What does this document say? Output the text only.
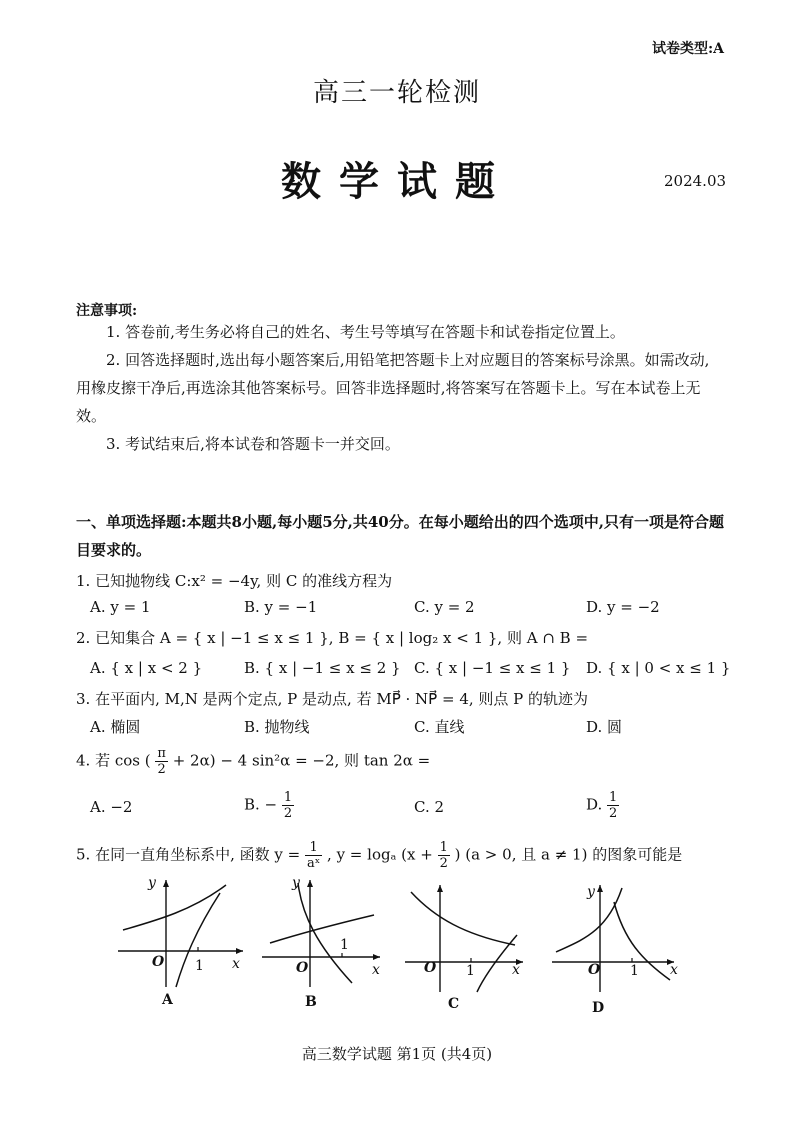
试卷类型:A
高三一轮检测
数学试题	2024.03
注意事项:
1. 答卷前,考生务必将自己的姓名、考生号等填写在答题卡和试卷指定位置上。
2. 回答选择题时,选出每小题答案后,用铅笔把答题卡上对应题目的答案标号涂黑。如需改动,用橡皮擦干净后,再选涂其他答案标号。回答非选择题时,将答案写在答题卡上。写在本试卷上无效。
3. 考试结束后,将本试卷和答题卡一并交回。
一、单项选择题:本题共8小题,每小题5分,共40分。在每小题给出的四个选项中,只有一项是符合题目要求的。
1. 已知抛物线 C:x² = −4y, 则 C 的准线方程为
A. y = 1	B. y = −1	C. y = 2	D. y = −2
2. 已知集合 A = { x | −1 ≤ x ≤ 1 }, B = { x | log₂ x < 1 }, 则 A ∩ B =
A. { x | x < 2 }	B. { x | −1 ≤ x ≤ 2 } C. { x | −1 ≤ x ≤ 1 } D. { x | 0 < x ≤ 1 }
3. 在平面内, M,N 是两个定点, P 是动点, 若 MP⃗ · NP⃗ = 4, 则点 P 的轨迹为
A. 椭圆	B. 抛物线	C. 直线	D. 圆
4. 若 cos ( $\frac{\pi}{2} + 2\alpha) - 4$ sin²α = −2, 则 tan 2α =
A. −2	B. − $\frac{1}{2}$	C. 2	D. $\frac{1}{2}$
5. 在同一直角坐标系中, 函数 $y = \frac{1}{\text{aˣ}}$ , y = logₐ ($x + \frac{1}{2}$ ) (a > 0, 且 a ≠ 1) 的图象可能是
y
x
O 1
A
y
x
O
1
B
x
O 1
C
y
x
O 1
D
高三数学试题 第1页 (共4页)
